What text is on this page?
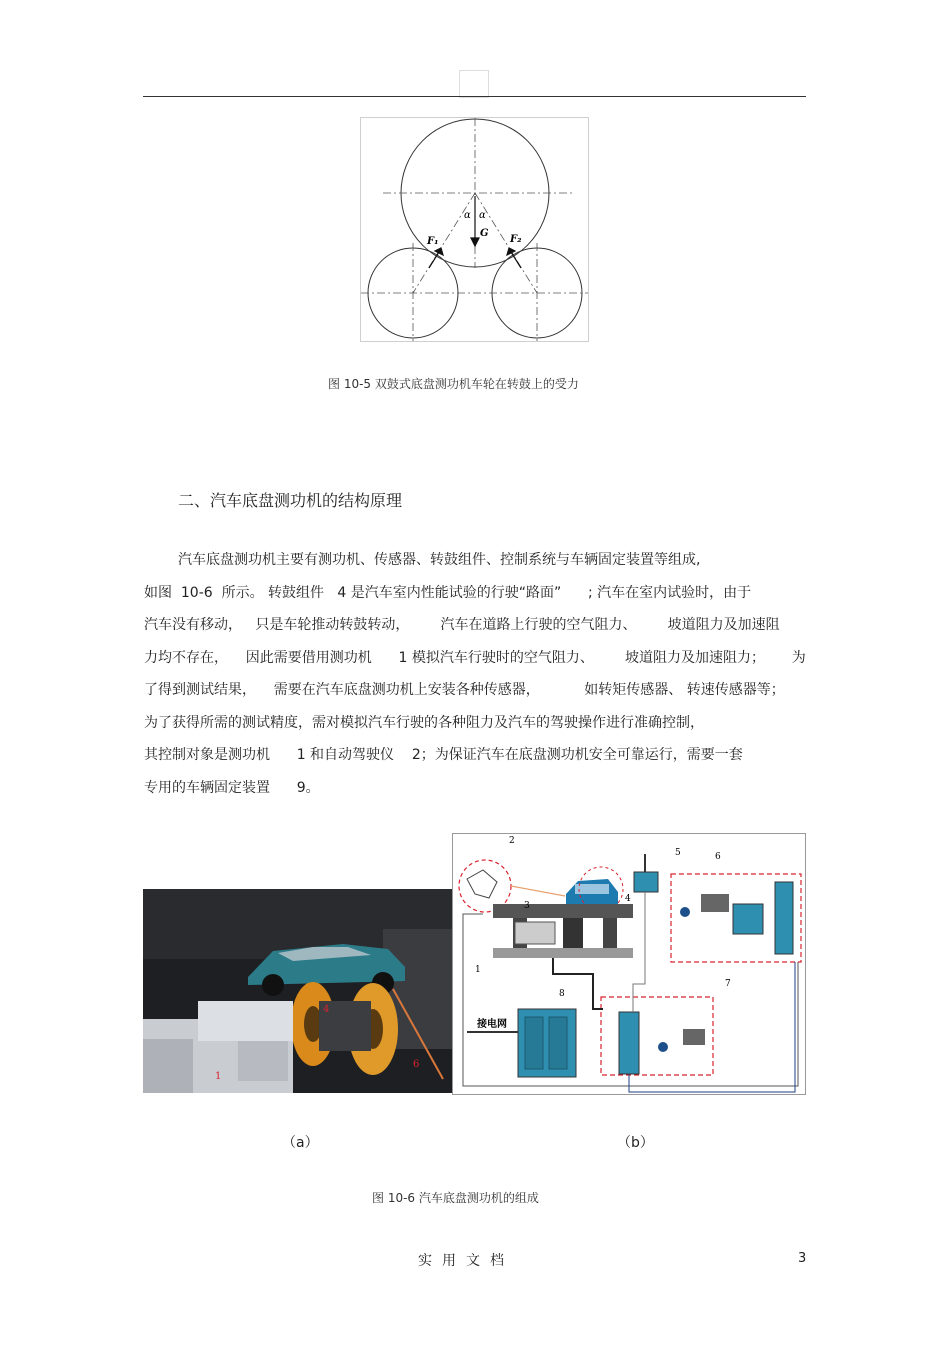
α α
G
F₁	F₂
图 10-5 双鼓式底盘测功机车轮在转鼓上的受力
二、汽车底盘测功机的结构原理
汽车底盘测功机主要有测功机、传感器、转鼓组件、控制系统与车辆固定装置等组成,
如图  10-6  所示。 转鼓组件   4 是汽车室内性能试验的行驶“路面”      ; 汽车在室内试验时，由于
汽车没有移动，   只是车轮推动转鼓转动，       汽车在道路上行驶的空气阻力、       坡道阻力及加速阻
力均不存在，    因此需要借用测功机      1 模拟汽车行驶时的空气阻力、       坡道阻力及加速阻力；      为
了得到测试结果，    需要在汽车底盘测功机上安装各种传感器，          如转矩传感器、 转速传感器等；
为了获得所需的测试精度，需对模拟汽车行驶的各种阻力及汽车的驾驶操作进行准确控制，
其控制对象是测功机      1 和自动驾驶仪    2；为保证汽车在底盘测功机安全可靠运行，需要一套
专用的车辆固定装置      9。
1
4
6
2
5	6
3
4
1
7
8
接电网
（a）	（b）
图 10-6 汽车底盘测功机的组成
实用文档	3
